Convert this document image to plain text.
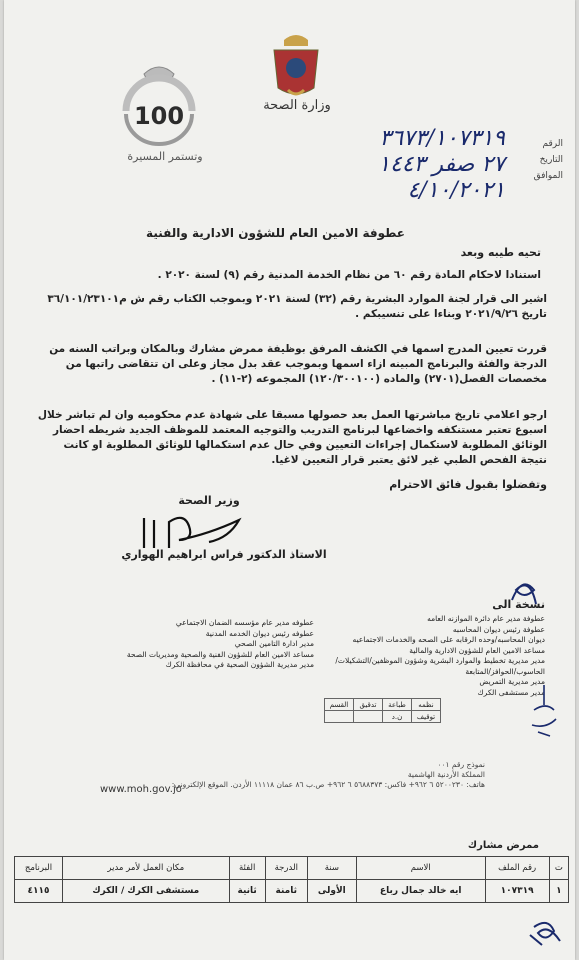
100
وتستمر المسيرة
وزارة الصحة
الرقم
التاريخ
الموافق
٣٦٧٣/١٠٧٣١٩
٢٧ صفر ١٤٤٣
٤/١٠/٢٠٢١
عطوفة الامين العام للشؤون الادارية والفنية
تحيه طيبه وبعد
استنادا لاحكام المادة رقم ٦٠ من نظام الخدمة المدنية رقم (٩) لسنة ٢٠٢٠ .
اشير الى قرار لجنة الموارد البشرية رقم (٣٢) لسنة ٢٠٢١ وبموجب الكتاب رقم ش م٣٦/١٠١/٢٣١٠١ تاريخ ٢٠٢١/٩/٢٦ وبناءا على تنسيبكم .
قررت تعيين المدرج اسمها في الكشف المرفق بوظيفة ممرض مشارك وبالمكان وبراتب السنه من الدرجة والفئة والبرنامج المبينه ازاء اسمها وبموجب عقد بدل مجاز وعلى ان تتقاضى راتبها من مخصصات الفصل(٢٧٠١) والماده (١٢٠/٣٠٠١٠٠) المجموعه (٢-١١) .
ارجو اعلامي تاريخ مباشرتها العمل بعد حصولها مسبقا على شهادة عدم محكوميه وان لم تباشر خلال اسبوع تعتبر مستنكفه واخضاعها لبرنامج التدريب والتوجيه المعتمد للموظف الجديد شريطه احضار الوثائق المطلوبة لاستكمال إجراءات التعيين وفي حال عدم استكمالها للوثائق المطلوبة او كانت نتيجة الفحص الطبي غير لائق يعتبر قرار التعيين لاغيا.
وتفضلوا بقبول فائق الاحترام
وزير الصحة
الاستاذ الدكتور فراس ابراهيم الهواري
نسخة الى
عطوفة مدير عام دائرة الموازنه العامه
عطوفة رئيس ديوان المحاسبه
ديوان المحاسبه/وحده الرقابه على الصحه والخدمات الاجتماعيه
مساعد الامين العام للشؤون الادارية والمالية
مدير مديرية تخطيط والموارد البشرية وشؤون الموظفين/التشكيلات/الحاسوب/الحوافز/المتابعة
مدير مديرية التمريض
مدير مستشفى الكرك
عطوفه مدير عام مؤسسه الضمان الاجتماعي
عطوفه رئيس ديوان الخدمه المدنية
مدير ادارة التامين الصحي
مساعد الامين العام للشؤون الفنية والصحية ومديريات الصحة
مدير مديرية الشؤون الصحية في محافظة الكرك
نظمه	طباعة	تدقيق	القسم
توقيف	ن.د		
نموذج رقم ٠٠١
المملكة الأردنية الهاشمية
هاتف: ٥٢٠٠٢٣٠ ٦ ٩٦٢+ فاكس: ٥٦٨٨٣٧٣ ٦ ٩٦٢+ ص.ب ٨٦ عمان ١١١١٨ الأردن. الموقع الإلكتروني:
www.moh.gov.jo
ممرض مشارك
ت	رقم الملف	الاسم	سنة	الدرجة	الفئة	مكان العمل لأمر مدير	البرنامج
١	١٠٧٣١٩	ايه خالد جمال رباع	الأولى	ثامنة	ثانية	مستشفى الكرك / الكرك	٤١١٥
